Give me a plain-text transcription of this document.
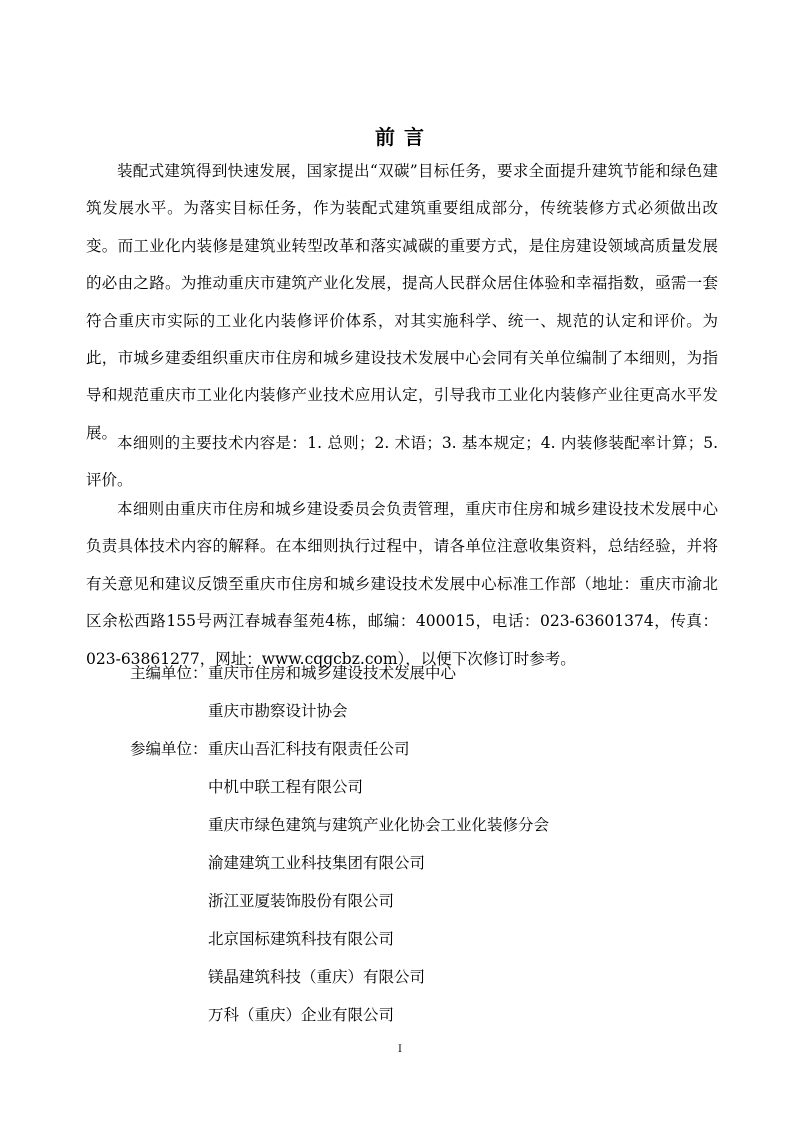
前 言

装配式建筑得到快速发展，国家提出“双碳”目标任务，要求全面提升建筑节能和绿色建筑发展水平。为落实目标任务，作为装配式建筑重要组成部分，传统装修方式必须做出改变。而工业化内装修是建筑业转型改革和落实减碳的重要方式，是住房建设领域高质量发展的必由之路。为推动重庆市建筑产业化发展，提高人民群众居住体验和幸福指数，亟需一套符合重庆市实际的工业化内装修评价体系，对其实施科学、统一、规范的认定和评价。为此，市城乡建委组织重庆市住房和城乡建设技术发展中心会同有关单位编制了本细则，为指导和规范重庆市工业化内装修产业技术应用认定，引导我市工业化内装修产业往更高水平发展。

本细则的主要技术内容是：1. 总则；2. 术语；3. 基本规定；4. 内装修装配率计算；5. 评价。

本细则由重庆市住房和城乡建设委员会负责管理，重庆市住房和城乡建设技术发展中心负责具体技术内容的解释。在本细则执行过程中，请各单位注意收集资料，总结经验，并将有关意见和建议反馈至重庆市住房和城乡建设技术发展中心标准工作部（地址：重庆市渝北区余松西路155号两江春城春玺苑4栋，邮编：400015，电话：023-63601374，传真：023-63861277，网址：www.cqgcbz.com），以便下次修订时参考。

主编单位： 重庆市住房和城乡建设技术发展中心
重庆市勘察设计协会
参编单位： 重庆山吾汇科技有限责任公司
中机中联工程有限公司
重庆市绿色建筑与建筑产业化协会工业化装修分会
渝建建筑工业科技集团有限公司
浙江亚厦装饰股份有限公司
北京国标建筑科技有限公司
镁晶建筑科技（重庆）有限公司
万科（重庆）企业有限公司
I
